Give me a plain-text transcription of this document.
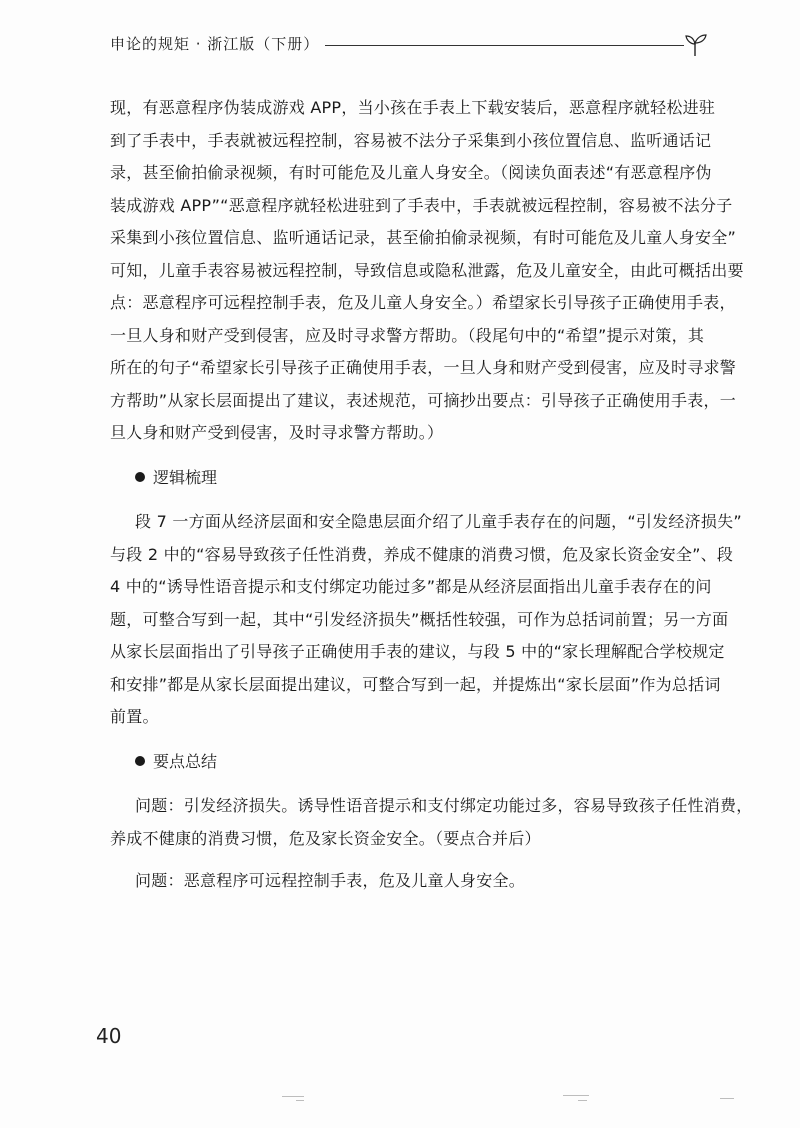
申论的规矩 · 浙江版（下册）
现，有恶意程序伪装成游戏 APP，当小孩在手表上下载安装后，恶意程序就轻松进驻
到了手表中，手表就被远程控制，容易被不法分子采集到小孩位置信息、监听通话记
录，甚至偷拍偷录视频，有时可能危及儿童人身安全。（阅读负面表述“有恶意程序伪
装成游戏 APP”“恶意程序就轻松进驻到了手表中，手表就被远程控制，容易被不法分子
采集到小孩位置信息、监听通话记录，甚至偷拍偷录视频，有时可能危及儿童人身安全”
可知，儿童手表容易被远程控制，导致信息或隐私泄露，危及儿童安全，由此可概括出要
点：恶意程序可远程控制手表，危及儿童人身安全。）希望家长引导孩子正确使用手表，
一旦人身和财产受到侵害，应及时寻求警方帮助。（段尾句中的“希望”提示对策，其
所在的句子“希望家长引导孩子正确使用手表，一旦人身和财产受到侵害，应及时寻求警
方帮助”从家长层面提出了建议，表述规范，可摘抄出要点：引导孩子正确使用手表，一
旦人身和财产受到侵害，及时寻求警方帮助。）
逻辑梳理
段 7 一方面从经济层面和安全隐患层面介绍了儿童手表存在的问题，“引发经济损失”
与段 2 中的“容易导致孩子任性消费，养成不健康的消费习惯，危及家长资金安全”、段
4 中的“诱导性语音提示和支付绑定功能过多”都是从经济层面指出儿童手表存在的问
题，可整合写到一起，其中“引发经济损失”概括性较强，可作为总括词前置；另一方面
从家长层面指出了引导孩子正确使用手表的建议，与段 5 中的“家长理解配合学校规定
和安排”都是从家长层面提出建议，可整合写到一起，并提炼出“家长层面”作为总括词
前置。
要点总结
问题：引发经济损失。诱导性语音提示和支付绑定功能过多，容易导致孩子任性消费，
养成不健康的消费习惯，危及家长资金安全。（要点合并后）
问题：恶意程序可远程控制手表，危及儿童人身安全。
40
